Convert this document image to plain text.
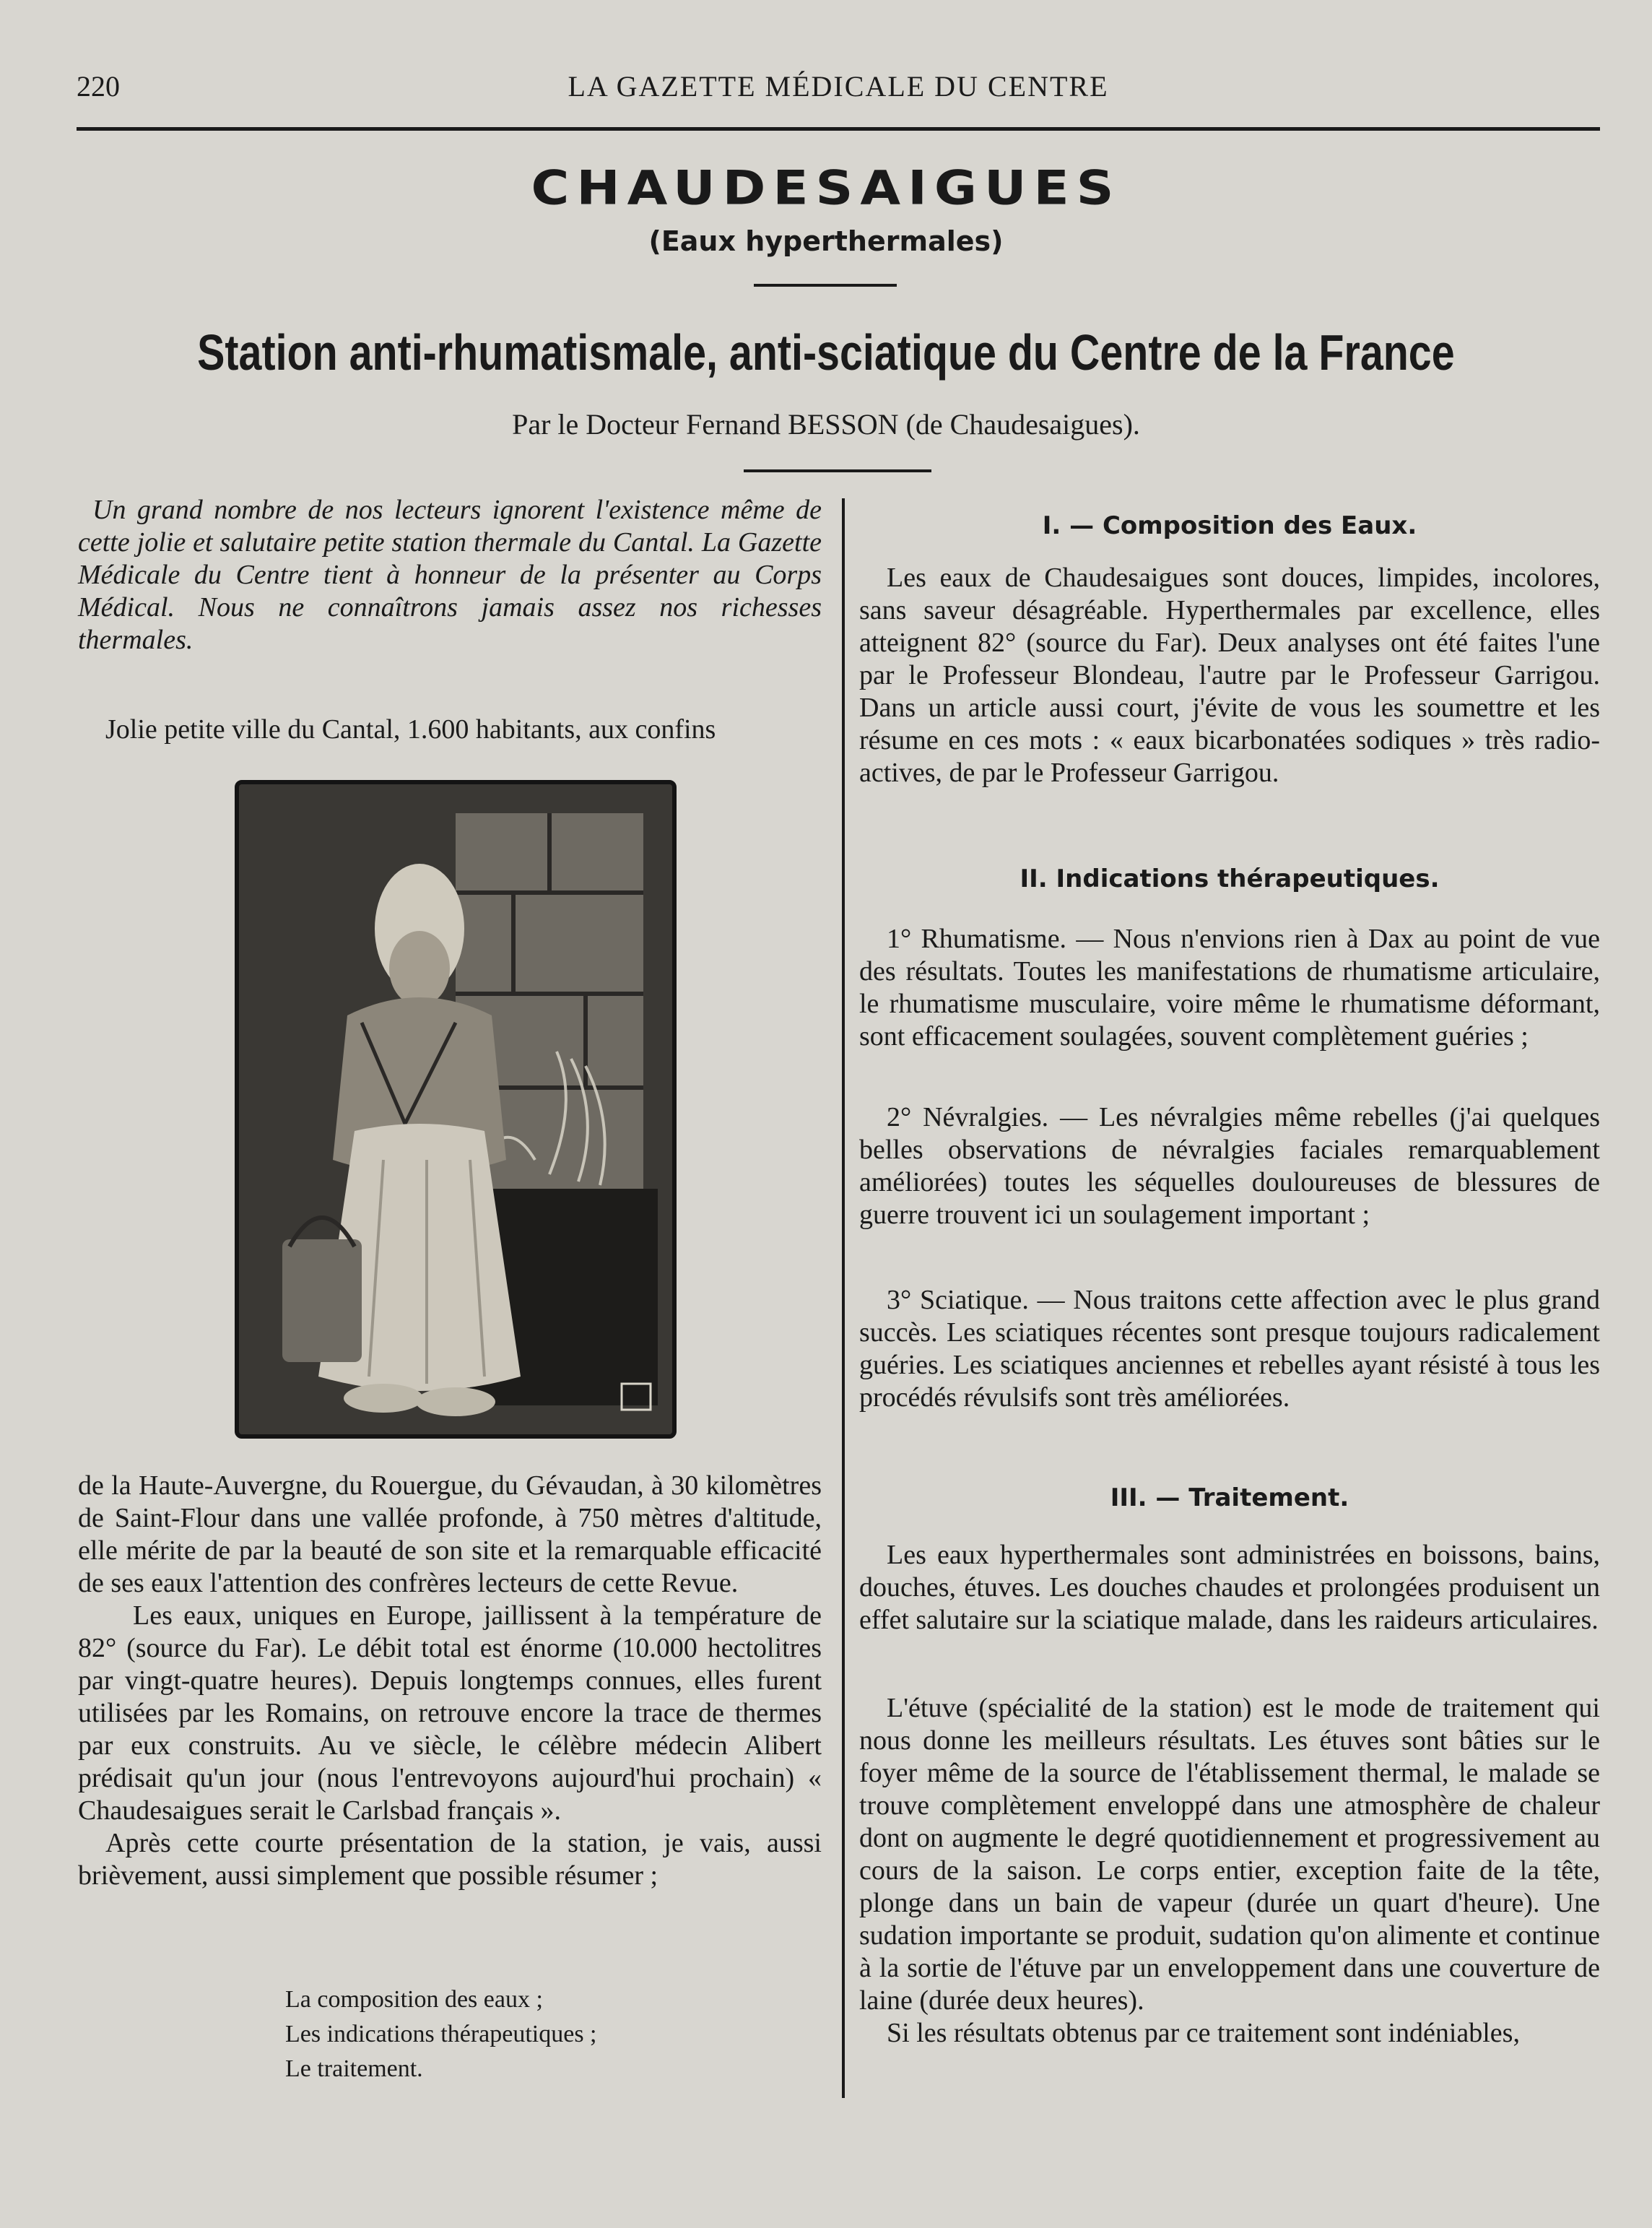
220	LA GAZETTE MÉDICALE DU CENTRE
CHAUDESAIGUES
(Eaux hyperthermales)
Station anti-rhumatismale, anti-sciatique du Centre de la France
Par le Docteur Fernand BESSON (de Chaudesaigues).

Un grand nombre de nos lecteurs ignorent l'existence même de cette jolie et salutaire petite station thermale du Cantal. La Gazette Médicale du Centre tient à honneur de la présenter au Corps Médical. Nous ne connaîtrons jamais assez nos richesses thermales.

Jolie petite ville du Cantal, 1.600 habitants, aux confins

de la Haute-Auvergne, du Rouergue, du Gévaudan, à 30 kilomètres de Saint-Flour dans une vallée profonde, à 750 mètres d'altitude, elle mérite de par la beauté de son site et la remarquable efficacité de ses eaux l'attention des confrères lecteurs de cette Revue.

Les eaux, uniques en Europe, jaillissent à la température de 82° (source du Far). Le débit total est énorme (10.000 hectolitres par vingt-quatre heures). Depuis longtemps connues, elles furent utilisées par les Romains, on retrouve encore la trace de thermes par eux construits. Au ve siècle, le célèbre médecin Alibert prédisait qu'un jour (nous l'entrevoyons aujourd'hui prochain) « Chaudesaigues serait le Carlsbad français ».

Après cette courte présentation de la station, je vais, aussi brièvement, aussi simplement que possible résumer ;

La composition des eaux ;
Les indications thérapeutiques ;
Le traitement.
I. — Composition des Eaux.

Les eaux de Chaudesaigues sont douces, limpides, incolores, sans saveur désagréable. Hyperthermales par excellence, elles atteignent 82° (source du Far). Deux analyses ont été faites l'une par le Professeur Blondeau, l'autre par le Professeur Garrigou. Dans un article aussi court, j'évite de vous les soumettre et les résume en ces mots : « eaux bicarbonatées sodiques » très radio-actives, de par le Professeur Garrigou.

II. Indications thérapeutiques.

1° Rhumatisme. — Nous n'envions rien à Dax au point de vue des résultats. Toutes les manifestations de rhumatisme articulaire, le rhumatisme musculaire, voire même le rhumatisme déformant, sont efficacement soulagées, souvent complètement guéries ;

2° Névralgies. — Les névralgies même rebelles (j'ai quelques belles observations de névralgies faciales remarquablement améliorées) toutes les séquelles douloureuses de blessures de guerre trouvent ici un soulagement important ;

3° Sciatique. — Nous traitons cette affection avec le plus grand succès. Les sciatiques récentes sont presque toujours radicalement guéries. Les sciatiques anciennes et rebelles ayant résisté à tous les procédés révulsifs sont très améliorées.

III. — Traitement.

Les eaux hyperthermales sont administrées en boissons, bains, douches, étuves. Les douches chaudes et prolongées produisent un effet salutaire sur la sciatique malade, dans les raideurs articulaires.

L'étuve (spécialité de la station) est le mode de traitement qui nous donne les meilleurs résultats. Les étuves sont bâties sur le foyer même de la source de l'établissement thermal, le malade se trouve complètement enveloppé dans une atmosphère de chaleur dont on augmente le degré quotidiennement et progressivement au cours de la saison. Le corps entier, exception faite de la tête, plonge dans un bain de vapeur (durée un quart d'heure). Une sudation importante se produit, sudation qu'on alimente et continue à la sortie de l'étuve par un enveloppement dans une couverture de laine (durée deux heures).

Si les résultats obtenus par ce traitement sont indéniables,
